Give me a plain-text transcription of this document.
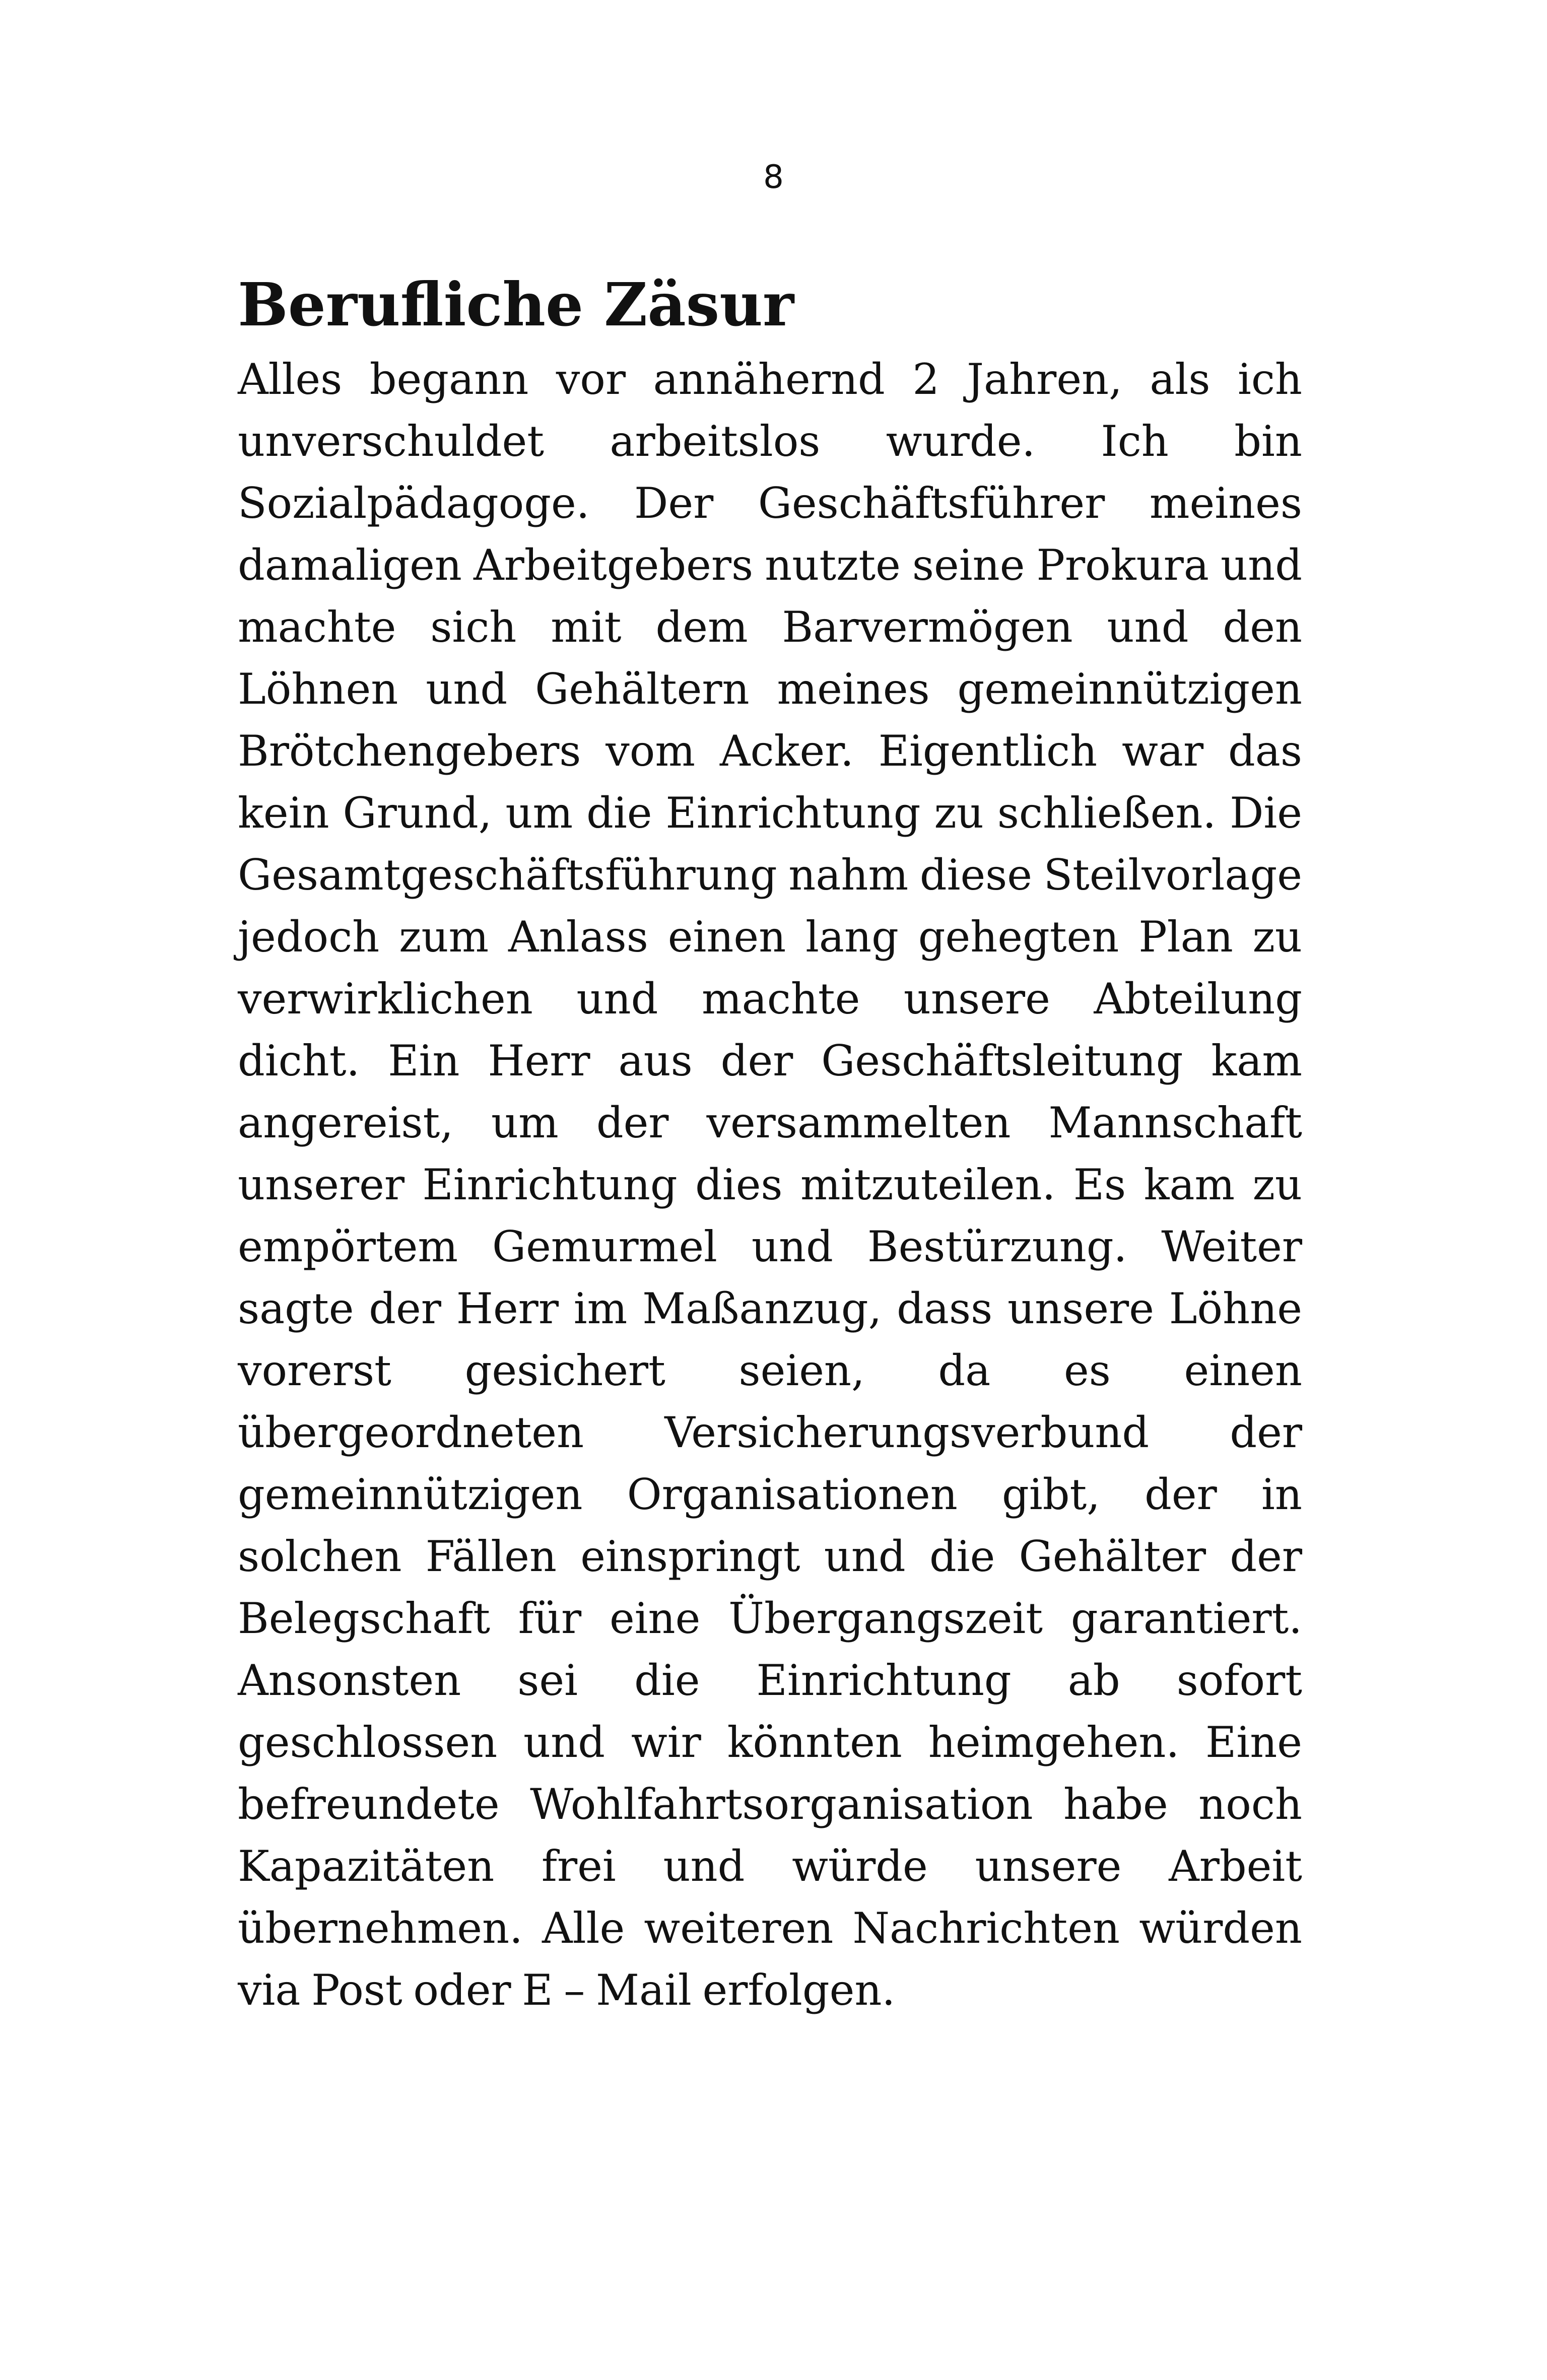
8
Berufliche Zäsur

Alles begann vor annähernd 2 Jahren, als ich unverschuldet arbeitslos wurde. Ich bin Sozialpädagoge. Der Geschäftsführer meines damaligen Arbeitgebers nutzte seine Prokura und machte sich mit dem Barvermögen und den Löhnen und Gehältern meines gemeinnützigen Brötchengebers vom Acker. Eigentlich war das kein Grund, um die Einrichtung zu schließen. Die Gesamtgeschäftsführung nahm diese Steilvorlage jedoch zum Anlass einen lang gehegten Plan zu verwirklichen und machte unsere Abteilung dicht. Ein Herr aus der Geschäftsleitung kam angereist, um der versammelten Mannschaft unserer Einrichtung dies mitzuteilen. Es kam zu empörtem Gemurmel und Bestürzung. Weiter sagte der Herr im Maßanzug, dass unsere Löhne vorerst gesichert seien, da es einen übergeordneten Versicherungsverbund der gemeinnützigen Organisationen gibt, der in solchen Fällen einspringt und die Gehälter der Belegschaft für eine Übergangszeit garantiert. Ansonsten sei die Einrichtung ab sofort geschlossen und wir könnten heimgehen. Eine befreundete Wohlfahrtsorganisation habe noch Kapazitäten frei und würde unsere Arbeit übernehmen. Alle weiteren Nachrichten würden via Post oder E – Mail erfolgen.
